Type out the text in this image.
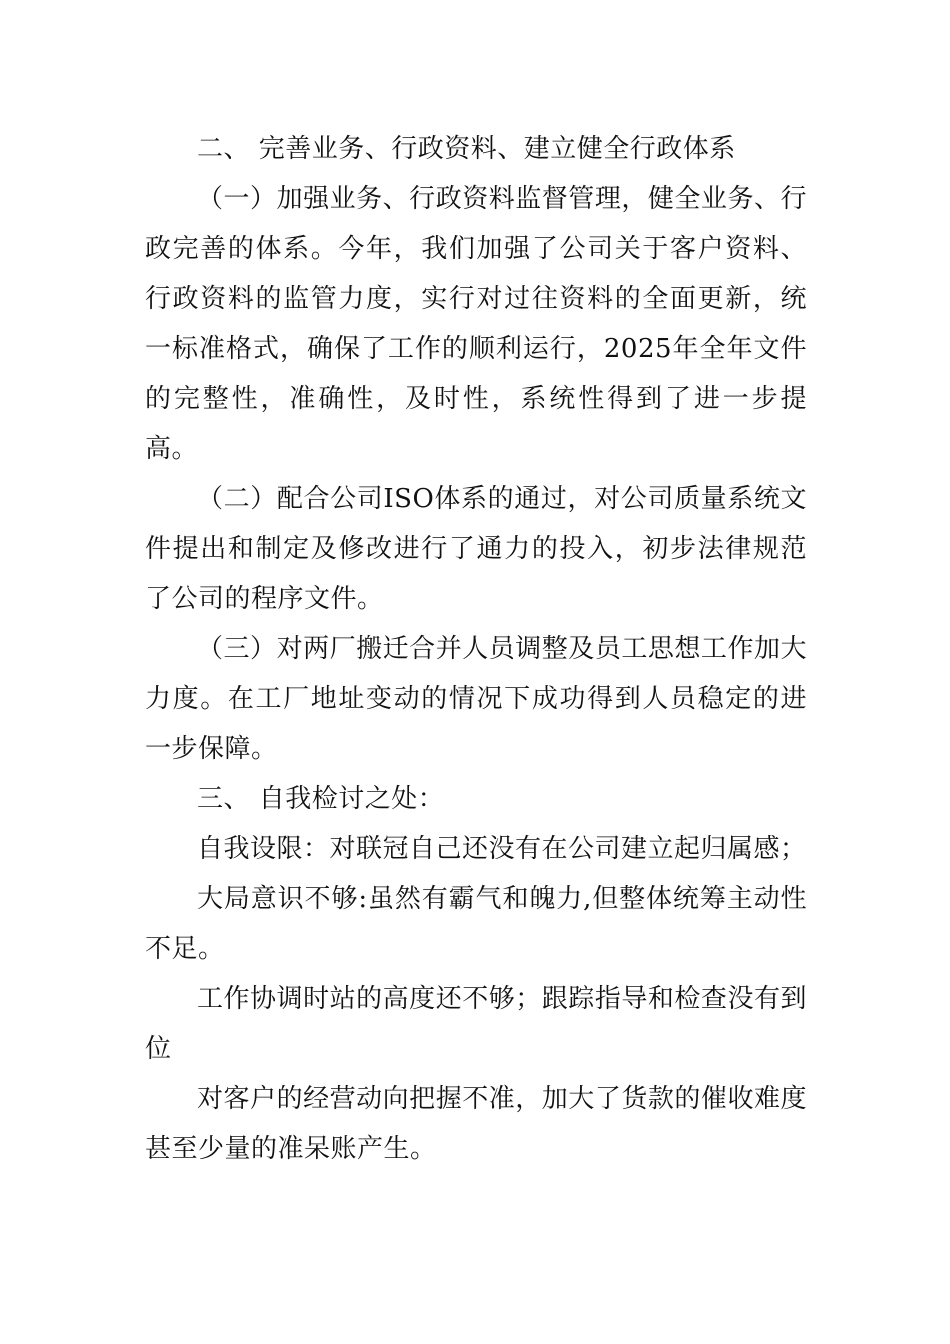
二、 完善业务、行政资料、建立健全行政体系

（一）加强业务、行政资料监督管理，健全业务、行政完善的体系。今年，我们加强了公司关于客户资料、行政资料的监管力度，实行对过往资料的全面更新，统一标准格式，确保了工作的顺利运行，2025年全年文件的完整性，准确性，及时性，系统性得到了进一步提高。

（二）配合公司ISO体系的通过，对公司质量系统文件提出和制定及修改进行了通力的投入，初步法律规范了公司的程序文件。

（三）对两厂搬迁合并人员调整及员工思想工作加大力度。在工厂地址变动的情况下成功得到人员稳定的进一步保障。

三、 自我检讨之处：

自我设限：对联冠自己还没有在公司建立起归属感；

大局意识不够:虽然有霸气和魄力,但整体统筹主动性不足。

工作协调时站的高度还不够；跟踪指导和检查没有到位

对客户的经营动向把握不准，加大了货款的催收难度甚至少量的准呆账产生。
